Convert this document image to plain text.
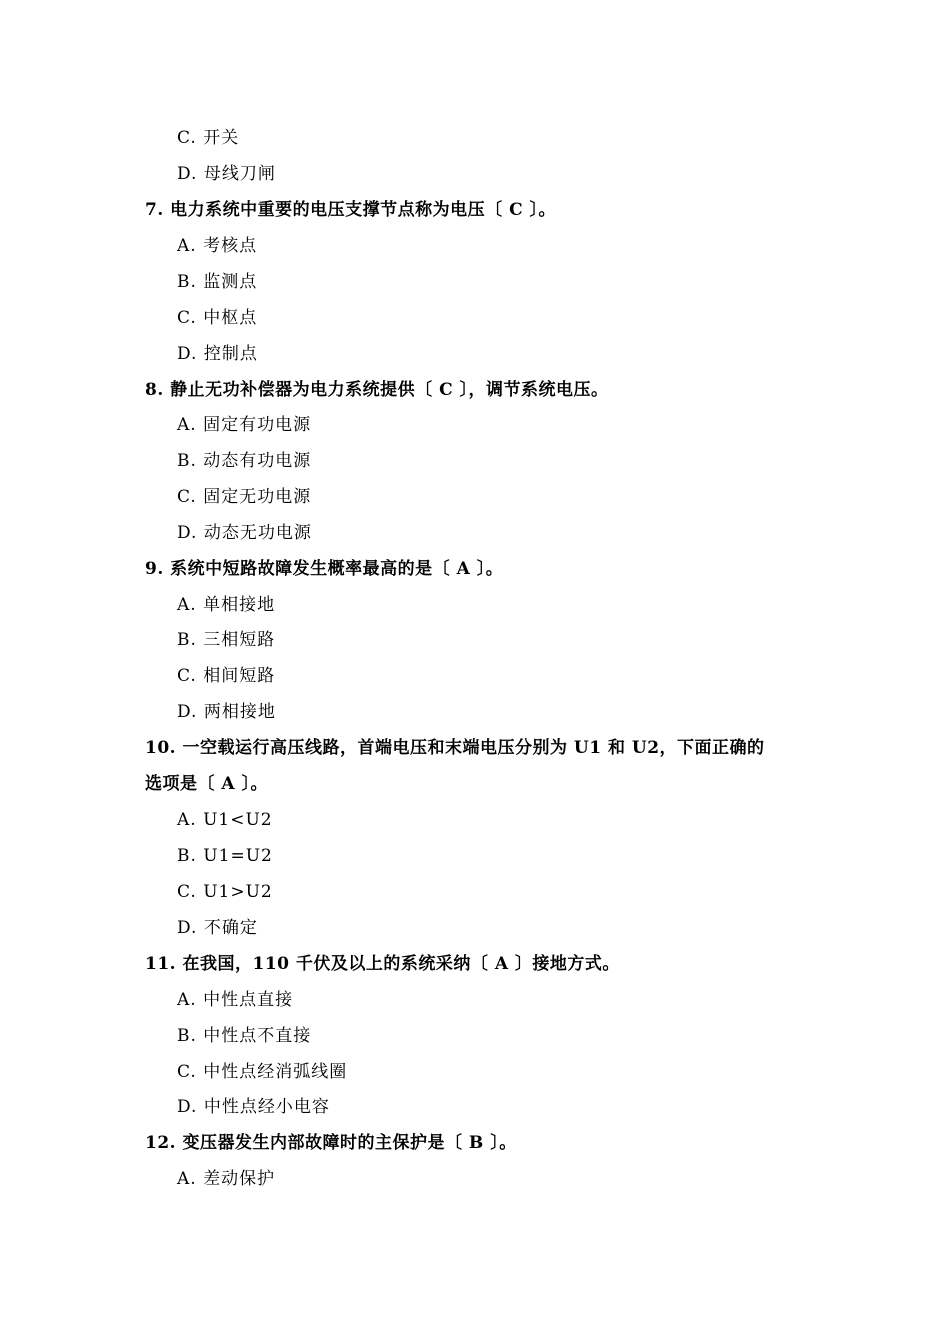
C. 开关
D. 母线刀闸
7. 电力系统中重要的电压支撑节点称为电压〔 C 〕。
A. 考核点
B. 监测点
C. 中枢点
D. 控制点
8. 静止无功补偿器为电力系统提供〔 C 〕，调节系统电压。
A. 固定有功电源
B. 动态有功电源
C. 固定无功电源
D. 动态无功电源
9. 系统中短路故障发生概率最高的是〔 A 〕。
A. 单相接地
B. 三相短路
C. 相间短路
D. 两相接地
10. 一空载运行高压线路，首端电压和末端电压分别为 U1 和 U2，下面正确的
选项是〔 A 〕。
A. U1<U2
B. U1=U2
C. U1>U2
D. 不确定
11. 在我国，110 千伏及以上的系统采纳〔 A 〕接地方式。
A. 中性点直接
B. 中性点不直接
C. 中性点经消弧线圈
D. 中性点经小电容
12. 变压器发生内部故障时的主保护是〔 B 〕。
A. 差动保护
